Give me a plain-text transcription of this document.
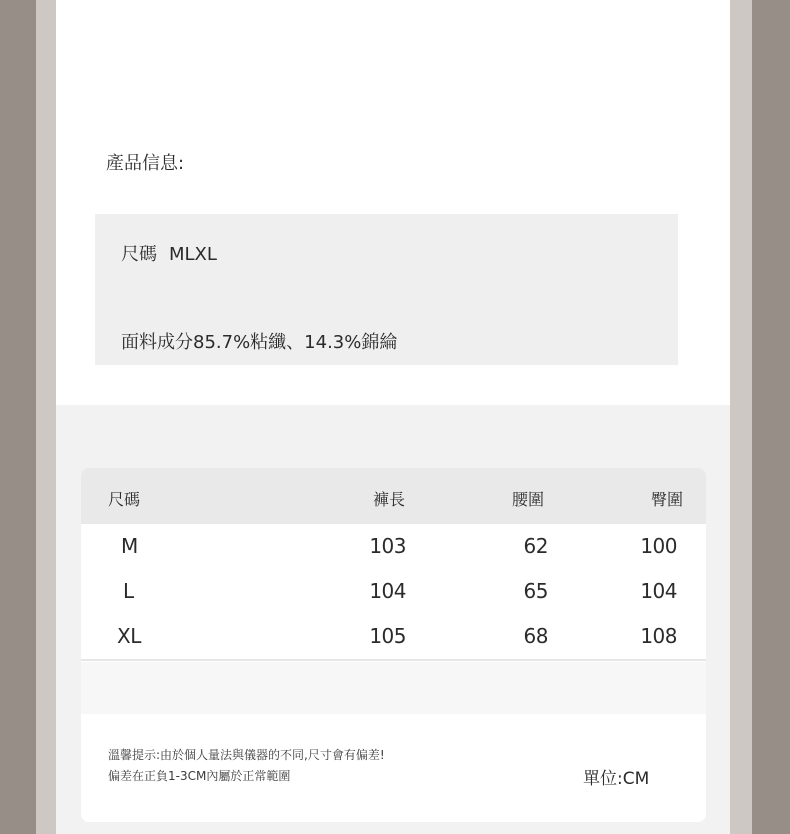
產品信息:
尺碼 MLXL
面料成分85.7%粘纖、14.3%錦綸
尺碼	褲長	腰圍	臀圍
M	103	62	100
L	104	65	104
XL	105	68	108
溫馨提示:由於個人量法與儀器的不同,尺寸會有偏差!
偏差在正負1-3CM內屬於正常範圍	單位:CM
